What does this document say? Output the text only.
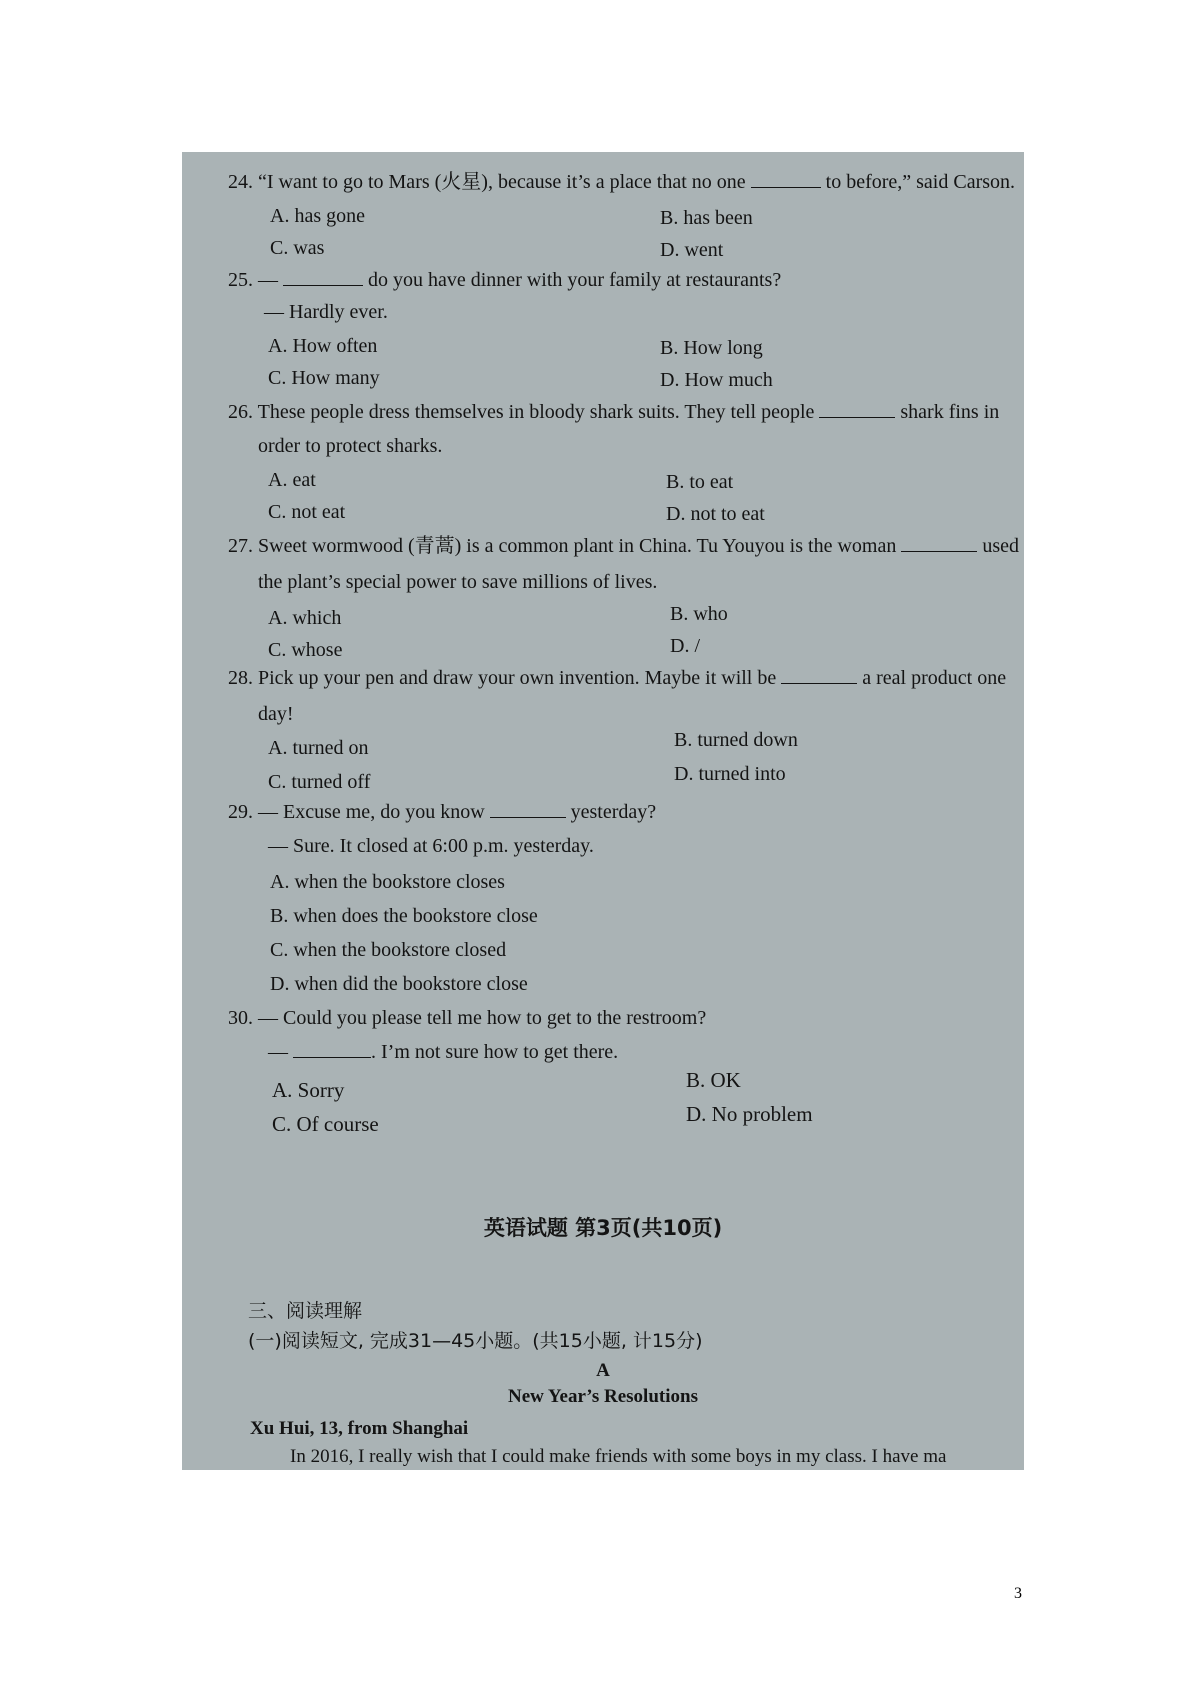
24. “I want to go to Mars (火星), because it’s a place that no one	to before,” said Carson.
A. has gone	B. has been
C. was	D. went
25. —	do you have dinner with your family at restaurants?
— Hardly ever.
A. How often	B. How long
C. How many	D. How much
26. These people dress themselves in bloody shark suits. They tell people	shark fins in
order to protect sharks.
A. eat	B. to eat
C. not eat	D. not to eat
27. Sweet wormwood (青蒿) is a common plant in China. Tu Youyou is the woman	used
the plant’s special power to save millions of lives.
A. which	B. who
C. whose	D. /
28. Pick up your pen and draw your own invention. Maybe it will be	a real product one
day!
A. turned on	B. turned down
C. turned off	D. turned into
29. — Excuse me, do you know	yesterday?
— Sure. It closed at 6:00 p.m. yesterday.
A. when the bookstore closes
B. when does the bookstore close
C. when the bookstore closed
D. when did the bookstore close
30. — Could you please tell me how to get to the restroom?
—	. I’m not sure how to get there.
A. Sorry	B. OK
C. Of course	D. No problem
英语试题 第3页(共10页)
三、阅读理解
(一)阅读短文, 完成31—45小题。(共15小题, 计15分)
A
New Year’s Resolutions
Xu Hui, 13, from Shanghai
In 2016, I really wish that I could make friends with some boys in my class. I have ma
3
